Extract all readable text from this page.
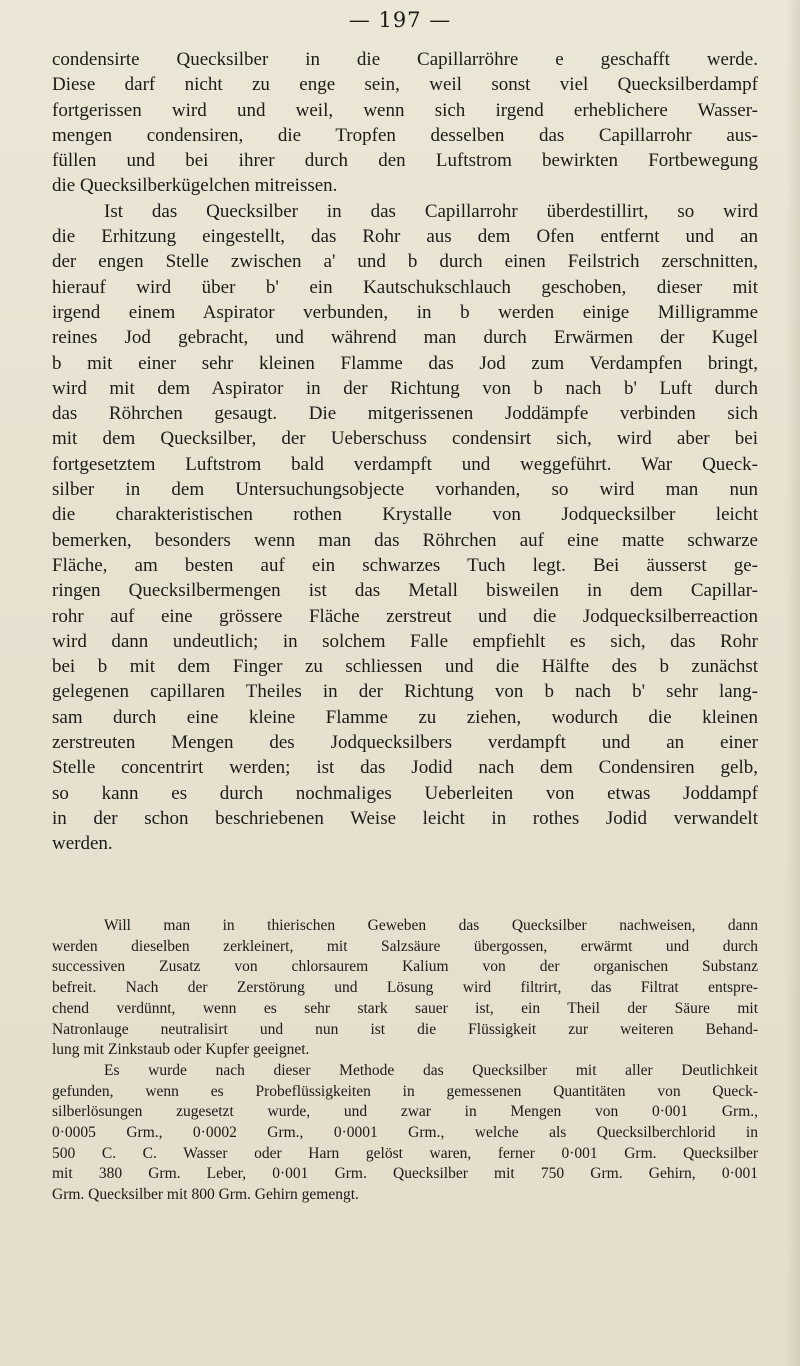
— 197 —
condensirte Quecksilber in die Capillarröhre e geschafft werde.
Diese darf nicht zu enge sein, weil sonst viel Quecksilberdampf
fortgerissen wird und weil, wenn sich irgend erheblichere Wasser-
mengen condensiren, die Tropfen desselben das Capillarrohr aus-
füllen und bei ihrer durch den Luftstrom bewirkten Fortbewegung
die Quecksilberkügelchen mitreissen.
Ist das Quecksilber in das Capillarrohr überdestillirt, so wird
die Erhitzung eingestellt, das Rohr aus dem Ofen entfernt und an
der engen Stelle zwischen a' und b durch einen Feilstrich zerschnitten,
hierauf wird über b' ein Kautschukschlauch geschoben, dieser mit
irgend einem Aspirator verbunden, in b werden einige Milligramme
reines Jod gebracht, und während man durch Erwärmen der Kugel
b mit einer sehr kleinen Flamme das Jod zum Verdampfen bringt,
wird mit dem Aspirator in der Richtung von b nach b' Luft durch
das Röhrchen gesaugt. Die mitgerissenen Joddämpfe verbinden sich
mit dem Quecksilber, der Ueberschuss condensirt sich, wird aber bei
fortgesetztem Luftstrom bald verdampft und weggeführt. War Queck-
silber in dem Untersuchungsobjecte vorhanden, so wird man nun
die charakteristischen rothen Krystalle von Jodquecksilber leicht
bemerken, besonders wenn man das Röhrchen auf eine matte schwarze
Fläche, am besten auf ein schwarzes Tuch legt. Bei äusserst ge-
ringen Quecksilbermengen ist das Metall bisweilen in dem Capillar-
rohr auf eine grössere Fläche zerstreut und die Jodquecksilberreaction
wird dann undeutlich; in solchem Falle empfiehlt es sich, das Rohr
bei b mit dem Finger zu schliessen und die Hälfte des b zunächst
gelegenen capillaren Theiles in der Richtung von b nach b' sehr lang-
sam durch eine kleine Flamme zu ziehen, wodurch die kleinen
zerstreuten Mengen des Jodquecksilbers verdampft und an einer
Stelle concentrirt werden; ist das Jodid nach dem Condensiren gelb,
so kann es durch nochmaliges Ueberleiten von etwas Joddampf
in der schon beschriebenen Weise leicht in rothes Jodid verwandelt
werden.
Will man in thierischen Geweben das Quecksilber nachweisen, dann
werden dieselben zerkleinert, mit Salzsäure übergossen, erwärmt und durch
successiven Zusatz von chlorsaurem Kalium von der organischen Substanz
befreit. Nach der Zerstörung und Lösung wird filtrirt, das Filtrat entspre-
chend verdünnt, wenn es sehr stark sauer ist, ein Theil der Säure mit
Natronlauge neutralisirt und nun ist die Flüssigkeit zur weiteren Behand-
lung mit Zinkstaub oder Kupfer geeignet.
Es wurde nach dieser Methode das Quecksilber mit aller Deutlichkeit
gefunden, wenn es Probeflüssigkeiten in gemessenen Quantitäten von Queck-
silberlösungen zugesetzt wurde, und zwar in Mengen von 0·001 Grm.,
0·0005 Grm., 0·0002 Grm., 0·0001 Grm., welche als Quecksilberchlorid in
500 C. C. Wasser oder Harn gelöst waren, ferner 0·001 Grm. Quecksilber
mit 380 Grm. Leber, 0·001 Grm. Quecksilber mit 750 Grm. Gehirn, 0·001
Grm. Quecksilber mit 800 Grm. Gehirn gemengt.
